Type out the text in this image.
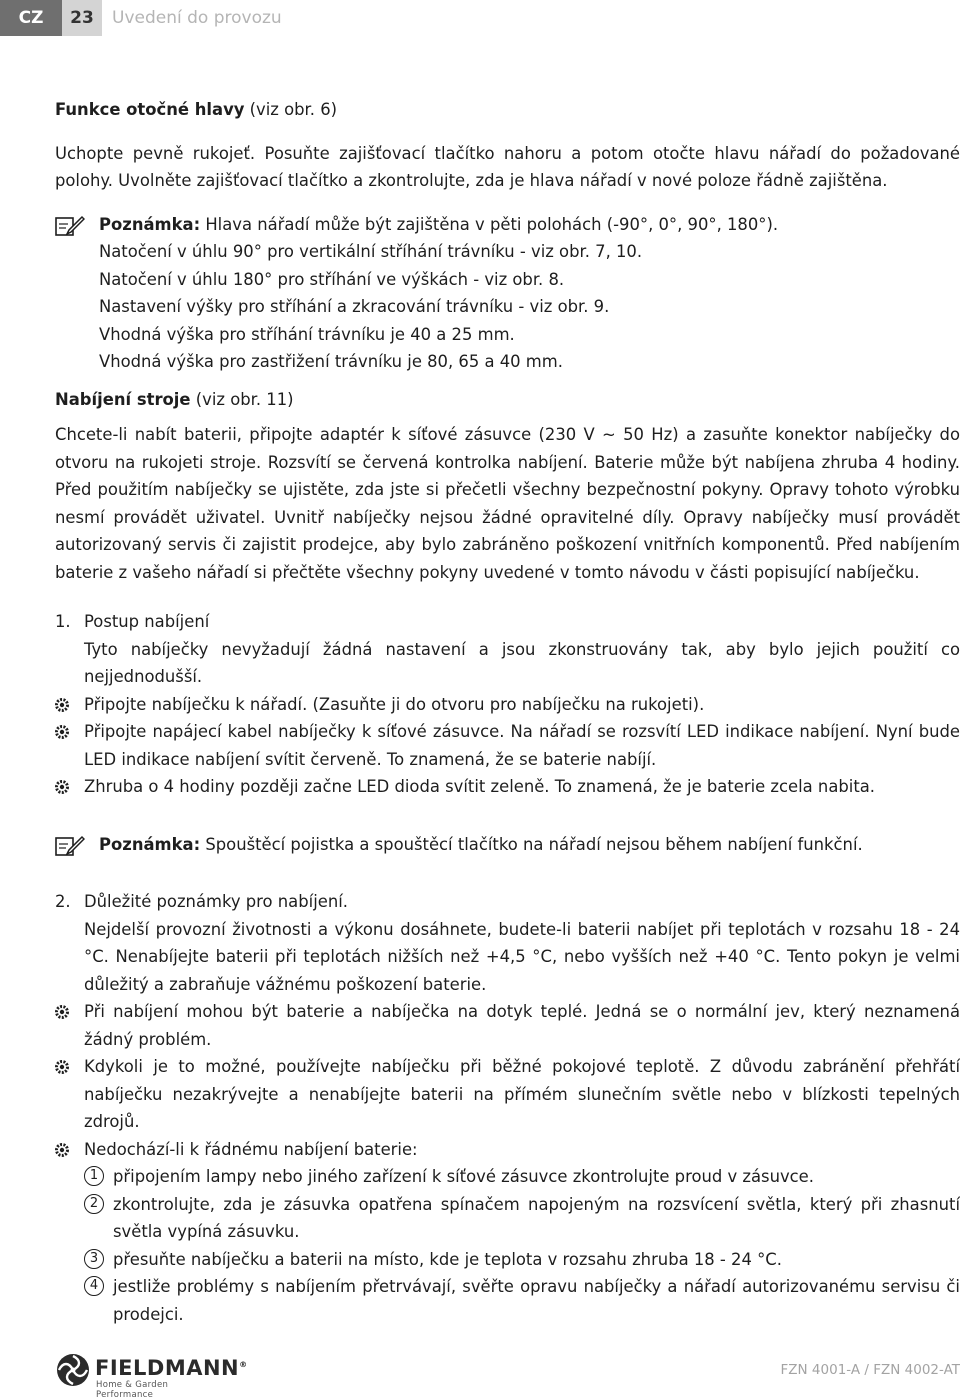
CZ	23	Uvedení do provozu

Funkce otočné hlavy (viz obr. 6)

Uchopte pevně rukojeť. Posuňte zajišťovací tlačítko nahoru a potom otočte hlavu nářadí do požadované polohy. Uvolněte zajišťovací tlačítko a zkontrolujte, zda je hlava nářadí v nové poloze řádně zajištěna.

Poznámka: Hlava nářadí může být zajištěna v pěti polohách (-90°, 0°, 90°, 180°).
Natočení v úhlu 90° pro vertikální stříhání trávníku - viz obr. 7, 10.
Natočení v úhlu 180° pro stříhání ve výškách - viz obr. 8.
Nastavení výšky pro stříhání a zkracování trávníku - viz obr. 9.
Vhodná výška pro stříhání trávníku je 40 a 25 mm.
Vhodná výška pro zastřižení trávníku je 80, 65 a 40 mm.

Nabíjení stroje (viz obr. 11)

Chcete-li nabít baterii, připojte adaptér k síťové zásuvce (230 V ~ 50 Hz) a zasuňte konektor nabíječky do otvoru na rukojeti stroje. Rozsvítí se červená kontrolka nabíjení. Baterie může být nabíjena zhruba 4 hodiny. Před použitím nabíječky se ujistěte, zda jste si přečetli všechny bezpečnostní pokyny. Opravy tohoto výrobku nesmí provádět uživatel. Uvnitř nabíječky nejsou žádné opravitelné díly. Opravy nabíječky musí provádět autorizovaný servis či zajistit prodejce, aby bylo zabráněno poškození vnitřních komponentů. Před nabíjením baterie z vašeho nářadí si přečtěte všechny pokyny uvedené v tomto návodu v části popisující nabíječku.

1. Postup nabíjení

Tyto nabíječky nevyžadují žádná nastavení a jsou zkonstruovány tak, aby bylo jejich použití co nejjednodušší.

Připojte nabíječku k nářadí. (Zasuňte ji do otvoru pro nabíječku na rukojeti).
Připojte napájecí kabel nabíječky k síťové zásuvce. Na nářadí se rozsvítí LED indikace nabíjení. Nyní bude LED indikace nabíjení svítit červeně. To znamená, že se baterie nabíjí.
Zhruba o 4 hodiny později začne LED dioda svítit zeleně. To znamená, že je baterie zcela nabita.
Poznámka: Spouštěcí pojistka a spouštěcí tlačítko na nářadí nejsou během nabíjení funkční.
2. Důležité poznámky pro nabíjení.

Nejdelší provozní životnosti a výkonu dosáhnete, budete-li baterii nabíjet při teplotách v rozsahu 18 - 24 °C. Nenabíjejte baterii při teplotách nižších než +4,5 °C, nebo vyšších než +40 °C. Tento pokyn je velmi důležitý a zabraňuje vážnému poškození baterie.

Při nabíjení mohou být baterie a nabíječka na dotyk teplé. Jedná se o normální jev, který neznamená žádný problém.
Kdykoli je to možné, používejte nabíječku při běžné pokojové teplotě. Z důvodu zabránění přehřátí nabíječku nezakrývejte a nenabíjejte baterii na přímém slunečním světle nebo v blízkosti tepelných zdrojů.
Nedochází-li k řádnému nabíjení baterie:
1 připojením lampy nebo jiného zařízení k síťové zásuvce zkontrolujte proud v zásuvce.
2 zkontrolujte, zda je zásuvka opatřena spínačem napojeným na rozsvícení světla, který při zhasnutí světla vypíná zásuvku.
3 přesuňte nabíječku a baterii na místo, kde je teplota v rozsahu zhruba 18 - 24 °C.
4 jestliže problémy s nabíjením přetrvávají, svěřte opravu nabíječky a nářadí autorizovanému servisu či prodejci.
FIELDMANN®
Home & Garden Performance
FZN 4001-A / FZN 4002-AT
